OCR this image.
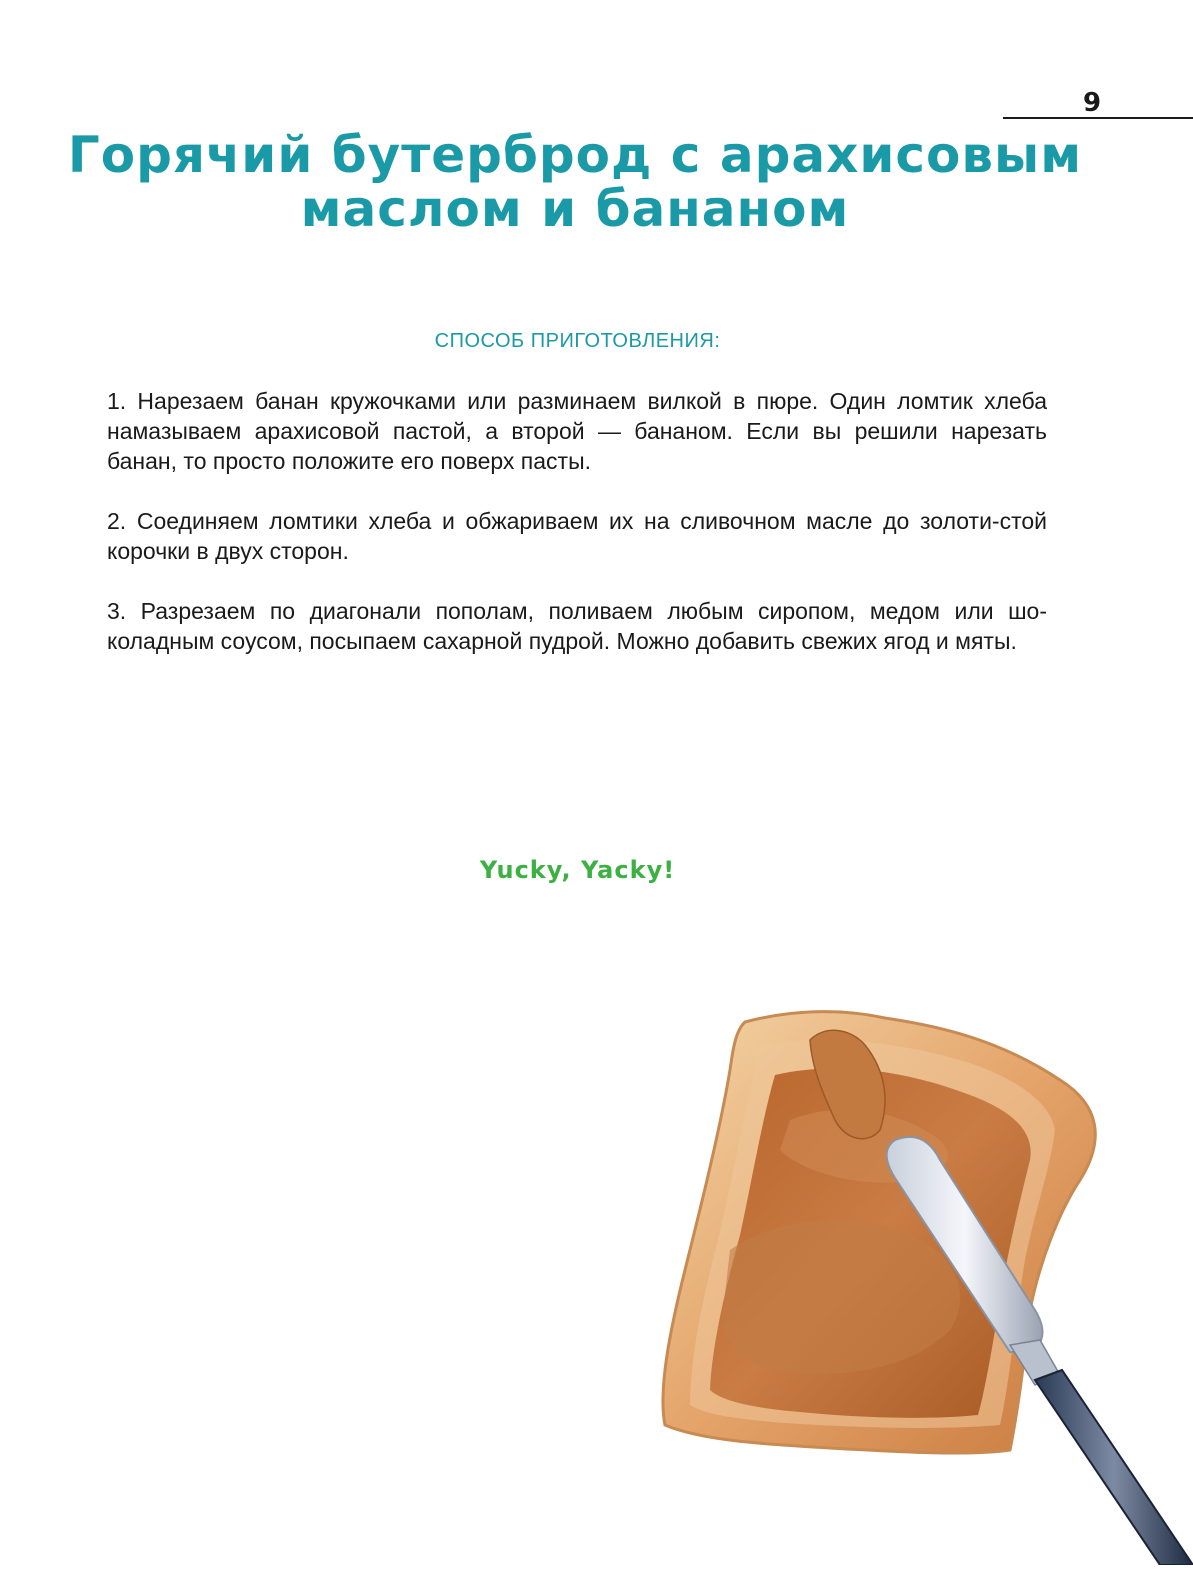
9
Горячий бутерброд с арахисовым
маслом и бананом
СПОСОБ ПРИГОТОВЛЕНИЯ:

1. Нарезаем банан кружочками или разминаем вилкой в пюре. Один ломтик хлеба намазываем арахисовой пастой, а второй — бананом. Если вы решили нарезать банан, то просто положите его поверх пасты.

2. Соединяем ломтики хлеба и обжариваем их на сливочном масле до золоти-стой корочки в двух сторон.

3. Разрезаем по диагонали пополам, поливаем любым сиропом, медом или шо-коладным соусом, посыпаем сахарной пудрой. Можно добавить свежих ягод и мяты.

Yucky, Yacky!
